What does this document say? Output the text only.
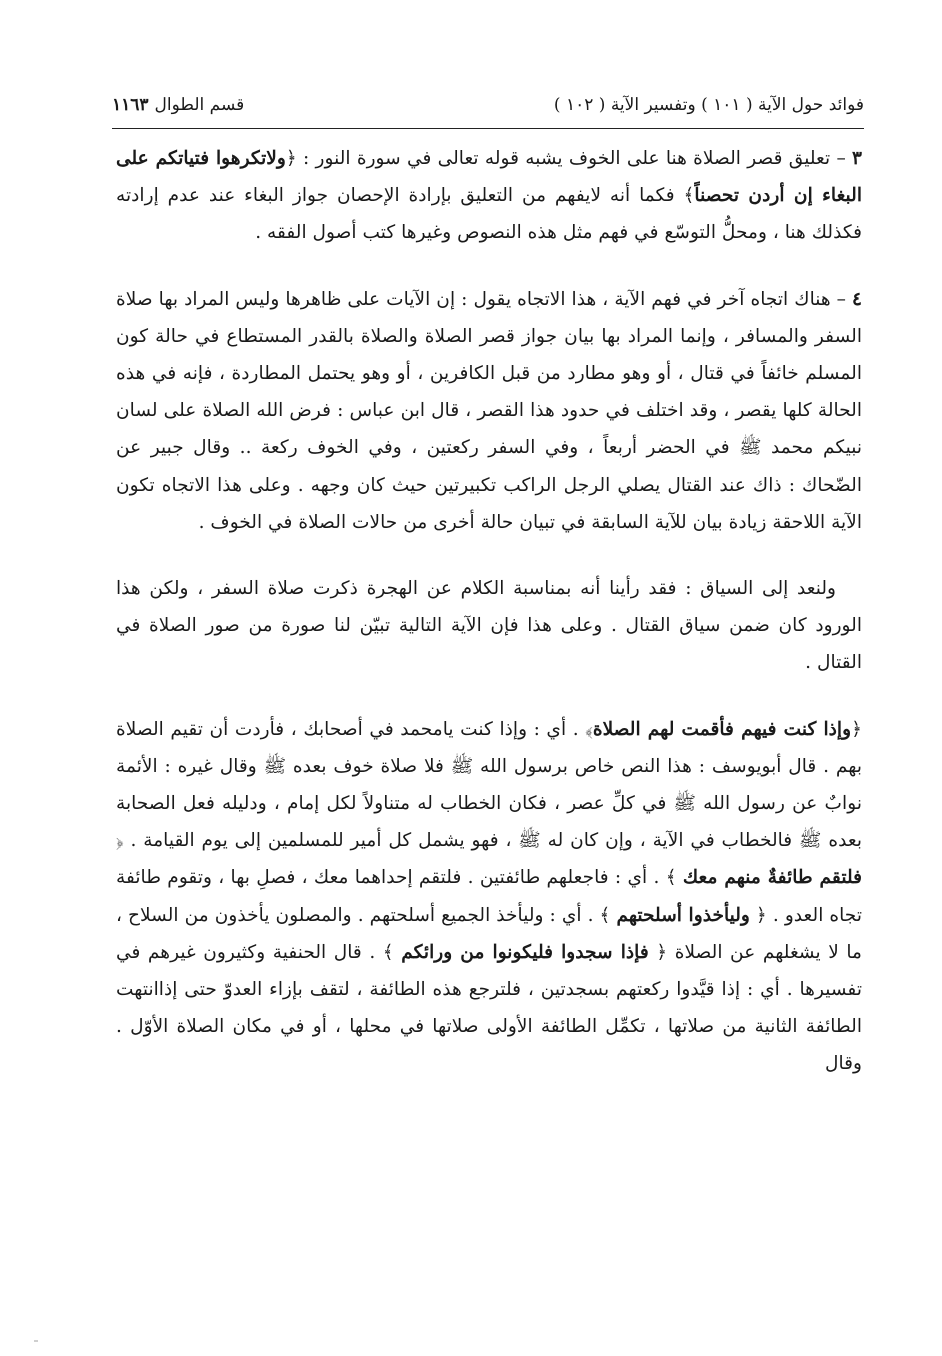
فوائد حول الآية ( ١٠١ ) وتفسير الآية ( ١٠٢ )
قسم الطوال١١٦٣

٣ – تعليق قصر الصلاة هنا على الخوف يشبه قوله تعالى في سورة النور : ﴿ولاتكرهوا فتياتكم على البغاء إن أردن تحصناً﴾ فكما أنه لايفهم من التعليق بإرادة الإحصان جواز البغاء عند عدم إرادته فكذلك هنا ، ومحلُّ التوسّع في فهم مثل هذه النصوص وغيرها كتب أصول الفقه .

٤ – هناك اتجاه آخر في فهم الآية ، هذا الاتجاه يقول : إن الآيات على ظاهرها وليس المراد بها صلاة السفر والمسافر ، وإنما المراد بها بيان جواز قصر الصلاة والصلاة بالقدر المستطاع في حالة كون المسلم خائفاً في قتال ، أو وهو مطارد من قبل الكافرين ، أو وهو يحتمل المطاردة ، فإنه في هذه الحالة كلها يقصر ، وقد اختلف في حدود هذا القصر ، قال ابن عباس : فرض الله الصلاة على لسان نبيكم محمد ﷺ في الحضر أربعاً ، وفي السفر ركعتين ، وفي الخوف ركعة .. وقال جبير عن الضّحاك : ذاك عند القتال يصلي الرجل الراكب تكبيرتين حيث كان وجهه . وعلى هذا الاتجاه تكون الآية اللاحقة زيادة بيان للآية السابقة في تبيان حالة أخرى من حالات الصلاة في الخوف .

ولنعد إلى السياق : فقد رأينا أنه بمناسبة الكلام عن الهجرة ذكرت صلاة السفر ، ولكن هذا الورود كان ضمن سياق القتال . وعلى هذا فإن الآية التالية تبيّن لنا صورة من صور الصلاة في القتال .

﴿وإذا كنت فيهم فأقمت لهم الصلاة﴾ . أي : وإذا كنت يامحمد في أصحابك ، فأردت أن تقيم الصلاة بهم . قال أبويوسف : هذا النص خاص برسول الله ﷺ فلا صلاة خوف بعده ﷺ وقال غيره : الأئمة نوابٌ عن رسول الله ﷺ في كلِّ عصر ، فكان الخطاب له متناولاً لكل إمام ، ودليله فعل الصحابة بعده ﷺ فالخطاب في الآية ، وإن كان له ﷺ ، فهو يشمل كل أمير للمسلمين إلى يوم القيامة . ﴿ فلتقم طائفةٌ منهم معك ﴾ . أي : فاجعلهم طائفتين . فلتقم إحداهما معك ، فصلِ بها ، وتقوم طائفة تجاه العدو . ﴿ وليأخذوا أسلحتهم ﴾ . أي : وليأخذ الجميع أسلحتهم . والمصلون يأخذون من السلاح ، ما لا يشغلهم عن الصلاة ﴿ فإذا سجدوا فليكونوا من ورائكم ﴾ . قال الحنفية وكثيرون غيرهم في تفسيرها . أي : إذا قيَّدوا ركعتهم بسجدتين ، فلترجع هذه الطائفة ، لتقف بإزاء العدوّ حتى إذاانتهت الطائفة الثانية من صلاتها ، تكمِّل الطائفة الأولى صلاتها في محلها ، أو في مكان الصلاة الأوّل . وقال
